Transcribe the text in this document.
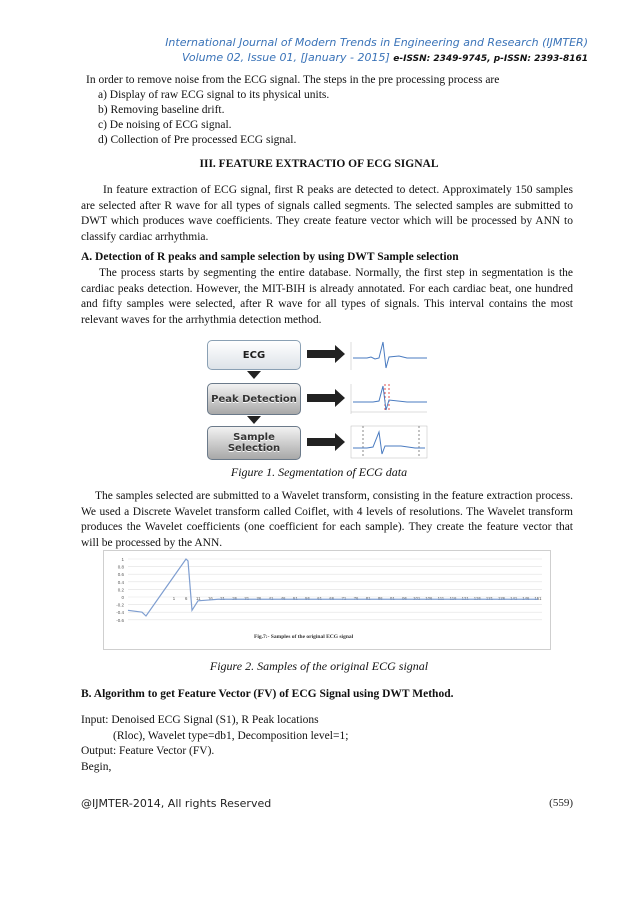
International Journal of Modern Trends in Engineering and Research (IJMTER)
Volume 02, Issue 01, [January - 2015] e-ISSN: 2349-9745, p-ISSN: 2393-8161
In order to remove noise from the ECG signal. The steps in the pre processing process are
a) Display of raw ECG signal to its physical units.
b) Removing baseline drift.
c) De noising of ECG signal.
d) Collection of Pre processed ECG signal.
III. FEATURE EXTRACTIO OF ECG SIGNAL
In feature extraction of ECG signal, first R peaks are detected to detect. Approximately 150 samples are selected after R wave for all types of signals called segments. The selected samples are submitted to DWT which produces wave coefficients. They create feature vector which will be processed by ANN to classify cardiac arrhythmia.
A. Detection of R peaks and sample selection by using DWT Sample selection
The process starts by segmenting the entire database. Normally, the first step in segmentation is the cardiac peaks detection. However, the MIT-BIH is already annotated. For each cardiac beat, one hundred and fifty samples were selected, after R wave for all types of signals. This interval contains the most relevant waves for the arrhythmia detection method.
ECG
Peak Detection
Sample Selection
Figure 1. Segmentation of ECG data
The samples selected are submitted to a Wavelet transform, consisting in the feature extraction process. We used a Discrete Wavelet transform called Coiflet, with 4 levels of resolutions. The Wavelet transform produces the Wavelet coefficients (one coefficient for each sample). They create the feature vector that will be processed by the ANN.
1
0.8
0.6
0.4
0.2
0
-0.2
-0.4
-0.6
1 6 11 16 21 26 31 36 41 46 51 56 61 66 71 76 81 86 91 96 101 106 111 116 121 126 131 136 141 146 151
Fig.7:- Samples of the original ECG signal
Figure 2. Samples of the original ECG signal
B. Algorithm to get Feature Vector (FV) of ECG Signal using DWT Method.
Input: Denoised ECG Signal (S1), R Peak locations
(Rloc), Wavelet type=db1, Decomposition level=1;
Output: Feature Vector (FV).
Begin,
@IJMTER-2014, All rights Reserved	(559)
